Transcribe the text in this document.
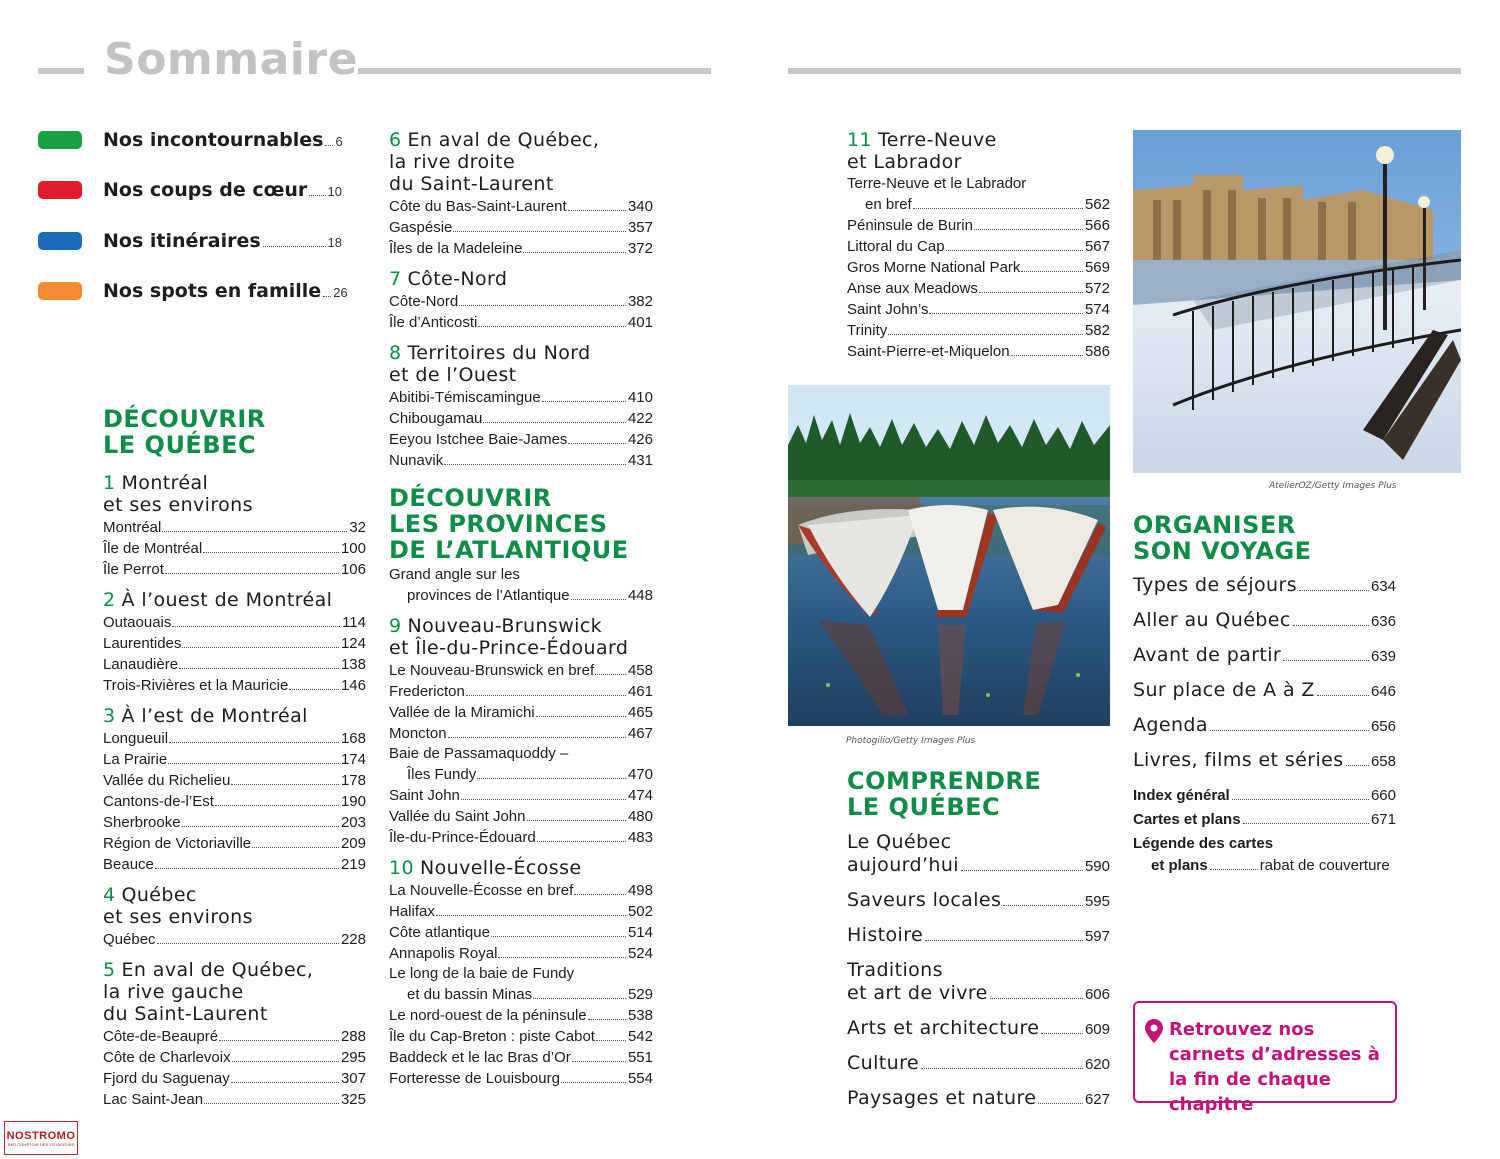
Sommaire
Nos incontournables 6
Nos coups de cœur 10
Nos itinéraires	18
Nos spots en famille 26
DÉCOUVRIR
LE QUÉBEC
1 Montréal
et ses environs
Montréal	32
Île de Montréal	100
Île Perrot	106
2 À l’ouest de Montréal
Outaouais	114
Laurentides	124
Lanaudière	138
Trois-Rivières et la Mauricie	146
3 À l’est de Montréal
Longueuil	168
La Prairie	174
Vallée du Richelieu	178
Cantons-de-l’Est	190
Sherbrooke	203
Région de Victoriaville	209
Beauce	219
4 Québec
et ses environs
Québec	228
5 En aval de Québec,
la rive gauche
du Saint-Laurent
Côte-de-Beaupré	288
Côte de Charlevoix	295
Fjord du Saguenay	307
Lac Saint-Jean	325
6 En aval de Québec,
la rive droite
du Saint-Laurent
Côte du Bas-Saint-Laurent	340
Gaspésie	357
Îles de la Madeleine	372
7 Côte-Nord
Côte-Nord	382
Île d’Anticosti	401
8 Territoires du Nord
et de l’Ouest
Abitibi-Témiscamingue	410
Chibougamau	422
Eeyou Istchee Baie-James	426
Nunavik	431
DÉCOUVRIR
LES PROVINCES
DE L’ATLANTIQUE
Grand angle sur les
provinces de l’Atlantique	448
9 Nouveau-Brunswick
et Île-du-Prince-Édouard
Le Nouveau-Brunswick en bref 458
Fredericton	461
Vallée de la Miramichi	465
Moncton	467
Baie de Passamaquoddy –
Îles Fundy	470
Saint John	474
Vallée du Saint John	480
Île-du-Prince-Édouard	483
10 Nouvelle-Écosse
La Nouvelle-Écosse en bref	498
Halifax	502
Côte atlantique	514
Annapolis Royal	524
Le long de la baie de Fundy
et du bassin Minas	529
Le nord-ouest de la péninsule	538
Île du Cap-Breton : piste Cabot 542
Baddeck et le lac Bras d’Or	551
Forteresse de Louisbourg	554
11 Terre-Neuve
et Labrador
Terre-Neuve et le Labrador
en bref	562
Péninsule de Burin	566
Littoral du Cap	567
Gros Morne National Park	569
Anse aux Meadows	572
Saint John’s	574
Trinity	582
Saint-Pierre-et-Miquelon	586
Photogilio/Getty Images Plus
AtelierOZ/Getty Images Plus
COMPRENDRE
LE QUÉBEC
Le Québec
aujourd’hui	590
Saveurs locales	595
Histoire	597
Traditions
et art de vivre	606
Arts et architecture	609
Culture	620
Paysages et nature	627
ORGANISER
SON VOYAGE
Types de séjours	634
Aller au Québec	636
Avant de partir	639
Sur place de A à Z	646
Agenda	656
Livres, films et séries 658
Index général	660
Cartes et plans	671
Légende des cartes
et plans	rabat de couverture
Retrouvez nos carnets d’adresses à la fin de chaque chapitre
NOSTROMO
RED COMPTOIR DES VOYAGEURS
